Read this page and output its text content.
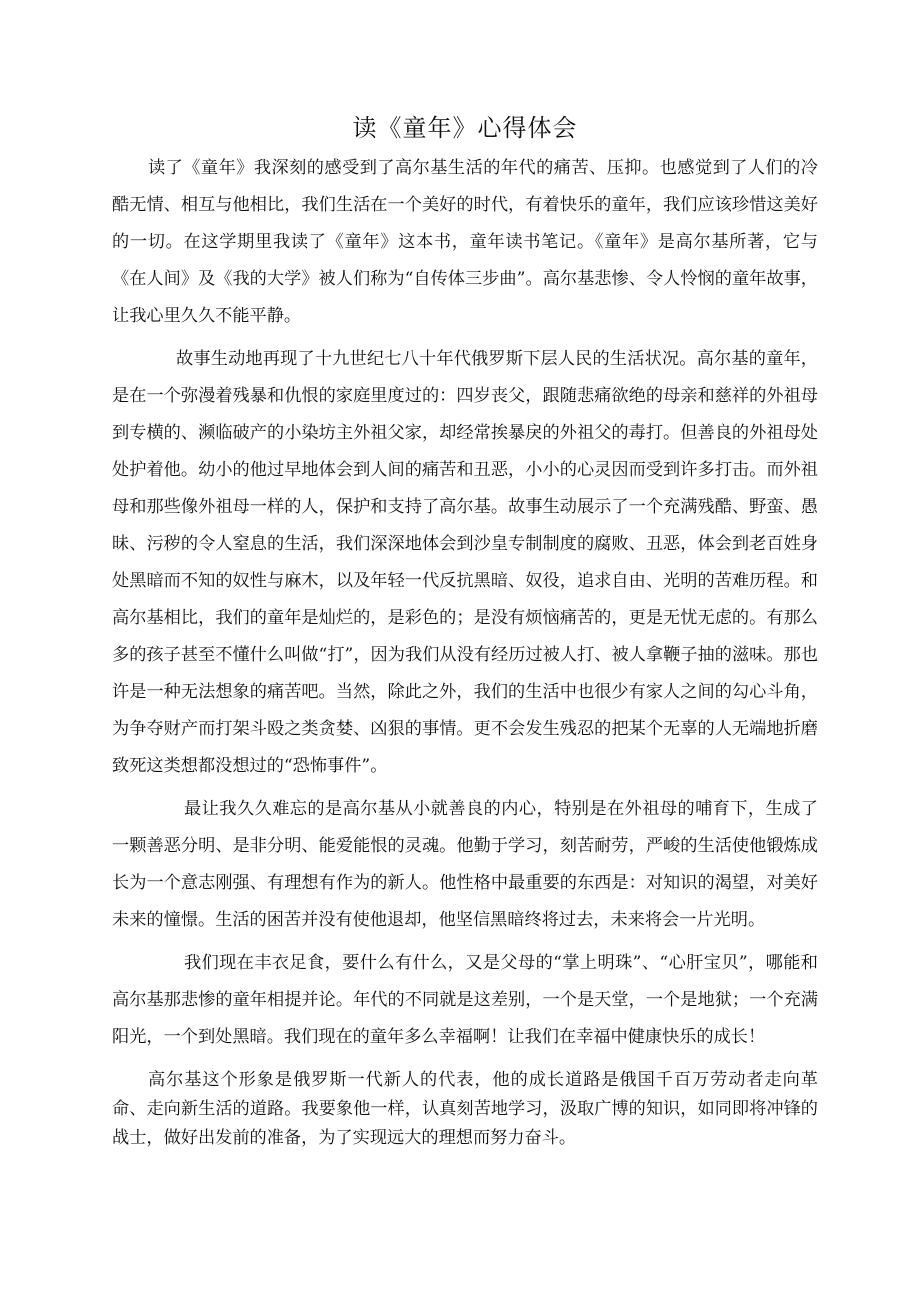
读《童年》心得体会

读了《童年》我深刻的感受到了高尔基生活的年代的痛苦、压抑。也感觉到了人们的冷酷无情、相互与他相比，我们生活在一个美好的时代，有着快乐的童年，我们应该珍惜这美好的一切。在这学期里我读了《童年》这本书，童年读书笔记。《童年》是高尔基所著，它与《在人间》及《我的大学》被人们称为“自传体三步曲”。高尔基悲惨、令人怜悯的童年故事，让我心里久久不能平静。

故事生动地再现了十九世纪七八十年代俄罗斯下层人民的生活状况。高尔基的童年，是在一个弥漫着残暴和仇恨的家庭里度过的：四岁丧父，跟随悲痛欲绝的母亲和慈祥的外祖母到专横的、濒临破产的小染坊主外祖父家，却经常挨暴戾的外祖父的毒打。但善良的外祖母处处护着他。幼小的他过早地体会到人间的痛苦和丑恶，小小的心灵因而受到许多打击。而外祖母和那些像外祖母一样的人，保护和支持了高尔基。故事生动展示了一个充满残酷、野蛮、愚昧、污秽的令人窒息的生活，我们深深地体会到沙皇专制制度的腐败、丑恶，体会到老百姓身处黑暗而不知的奴性与麻木，以及年轻一代反抗黑暗、奴役，追求自由、光明的苦难历程。和高尔基相比，我们的童年是灿烂的，是彩色的；是没有烦恼痛苦的，更是无忧无虑的。有那么多的孩子甚至不懂什么叫做“打”，因为我们从没有经历过被人打、被人拿鞭子抽的滋味。那也许是一种无法想象的痛苦吧。当然，除此之外，我们的生活中也很少有家人之间的勾心斗角，为争夺财产而打架斗殴之类贪婪、凶狠的事情。更不会发生残忍的把某个无辜的人无端地折磨致死这类想都没想过的“恐怖事件”。

最让我久久难忘的是高尔基从小就善良的内心，特别是在外祖母的哺育下，生成了一颗善恶分明、是非分明、能爱能恨的灵魂。他勤于学习，刻苦耐劳，严峻的生活使他锻炼成长为一个意志刚强、有理想有作为的新人。他性格中最重要的东西是：对知识的渴望，对美好未来的憧憬。生活的困苦并没有使他退却，他坚信黑暗终将过去，未来将会一片光明。

我们现在丰衣足食，要什么有什么，又是父母的“掌上明珠”、“心肝宝贝”，哪能和高尔基那悲惨的童年相提并论。年代的不同就是这差别，一个是天堂，一个是地狱；一个充满阳光，一个到处黑暗。我们现在的童年多么幸福啊！让我们在幸福中健康快乐的成长！

高尔基这个形象是俄罗斯一代新人的代表，他的成长道路是俄国千百万劳动者走向革命、走向新生活的道路。我要象他一样，认真刻苦地学习，汲取广博的知识，如同即将冲锋的战士，做好出发前的准备，为了实现远大的理想而努力奋斗。
